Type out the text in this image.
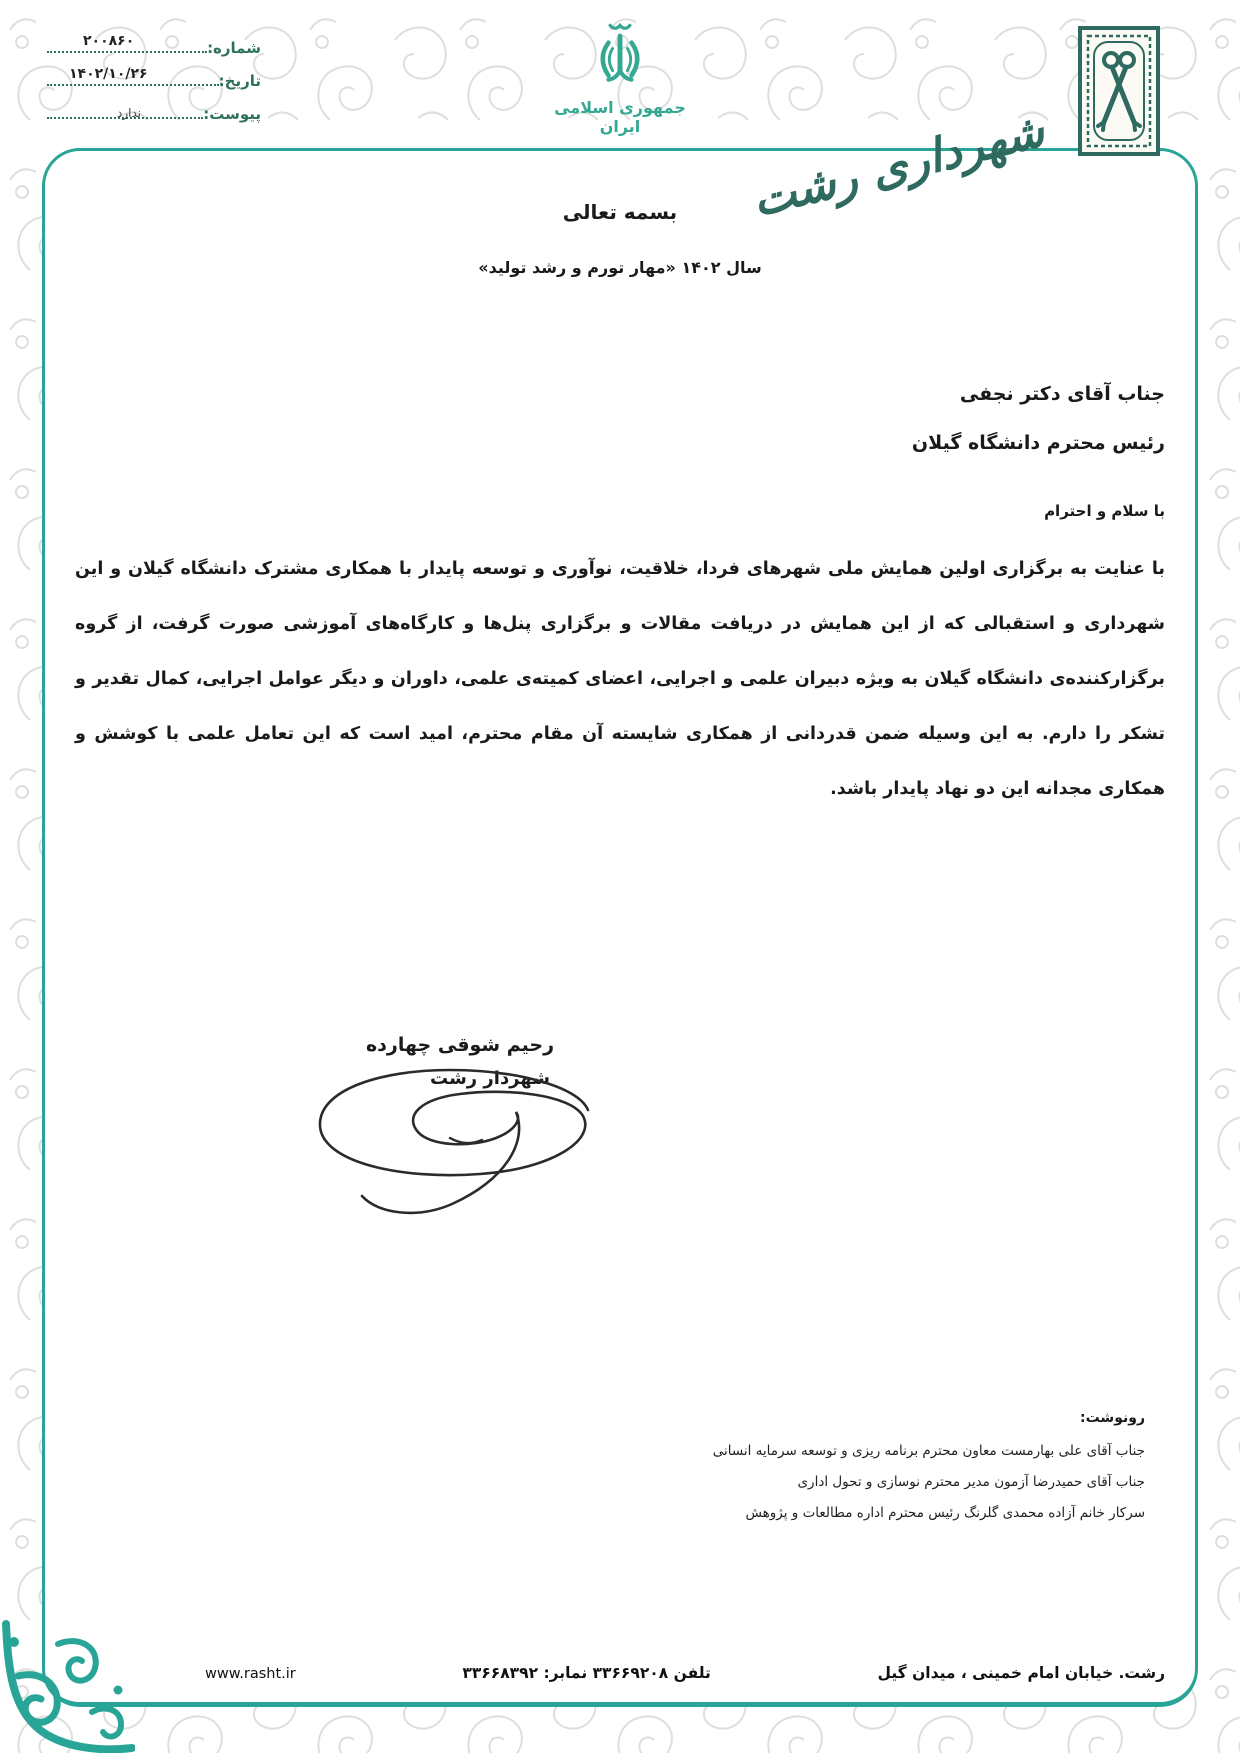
شماره:
۲۰۰۸۶۰
تاریخ:
۱۴۰۲/۱۰/۲۶
پیوست:
ندارد	جمهوری اسلامی ایران	شهرداری رشت
بسمه تعالی
سال ۱۴۰۲ «مهار تورم و رشد تولید»
جناب آقای دکتر نجفی
رئیس محترم دانشگاه گیلان
با سلام و احترام
با عنایت به برگزاری اولین همایش ملی شهرهای فردا، خلاقیت، نوآوری و توسعه پایدار با همکاری مشترک دانشگاه گیلان و این شهرداری و استقبالی که از این همایش در دریافت مقالات و برگزاری پنل‌ها و کارگاه‌های آموزشی صورت گرفت، از گروه برگزارکننده‌ی دانشگاه گیلان به ویژه دبیران علمی و اجرایی، اعضای کمیته‌ی علمی، داوران و دیگر عوامل اجرایی، کمال تقدیر و تشکر را دارم. به این وسیله ضمن قدردانی از همکاری شایسته آن مقام محترم، امید است که این تعامل علمی با کوشش و همکاری مجدانه این دو نهاد پایدار باشد.
رحیم شوقی چهارده
شهردار رشت
رونوشت:
جناب آقای علی بهارمست معاون محترم برنامه ریزی و توسعه سرمایه انسانی
جناب آقای حمیدرضا آزمون مدیر محترم نوسازی و تحول اداری
سرکار خانم آزاده محمدی گلرنگ رئیس محترم اداره مطالعات و پژوهش
رشت. خیابان امام خمینی ، میدان گیل
تلفن ۳۳۶۶۹۲۰۸ نمابر: ۳۳۶۶۸۳۹۲
www.rasht.ir
